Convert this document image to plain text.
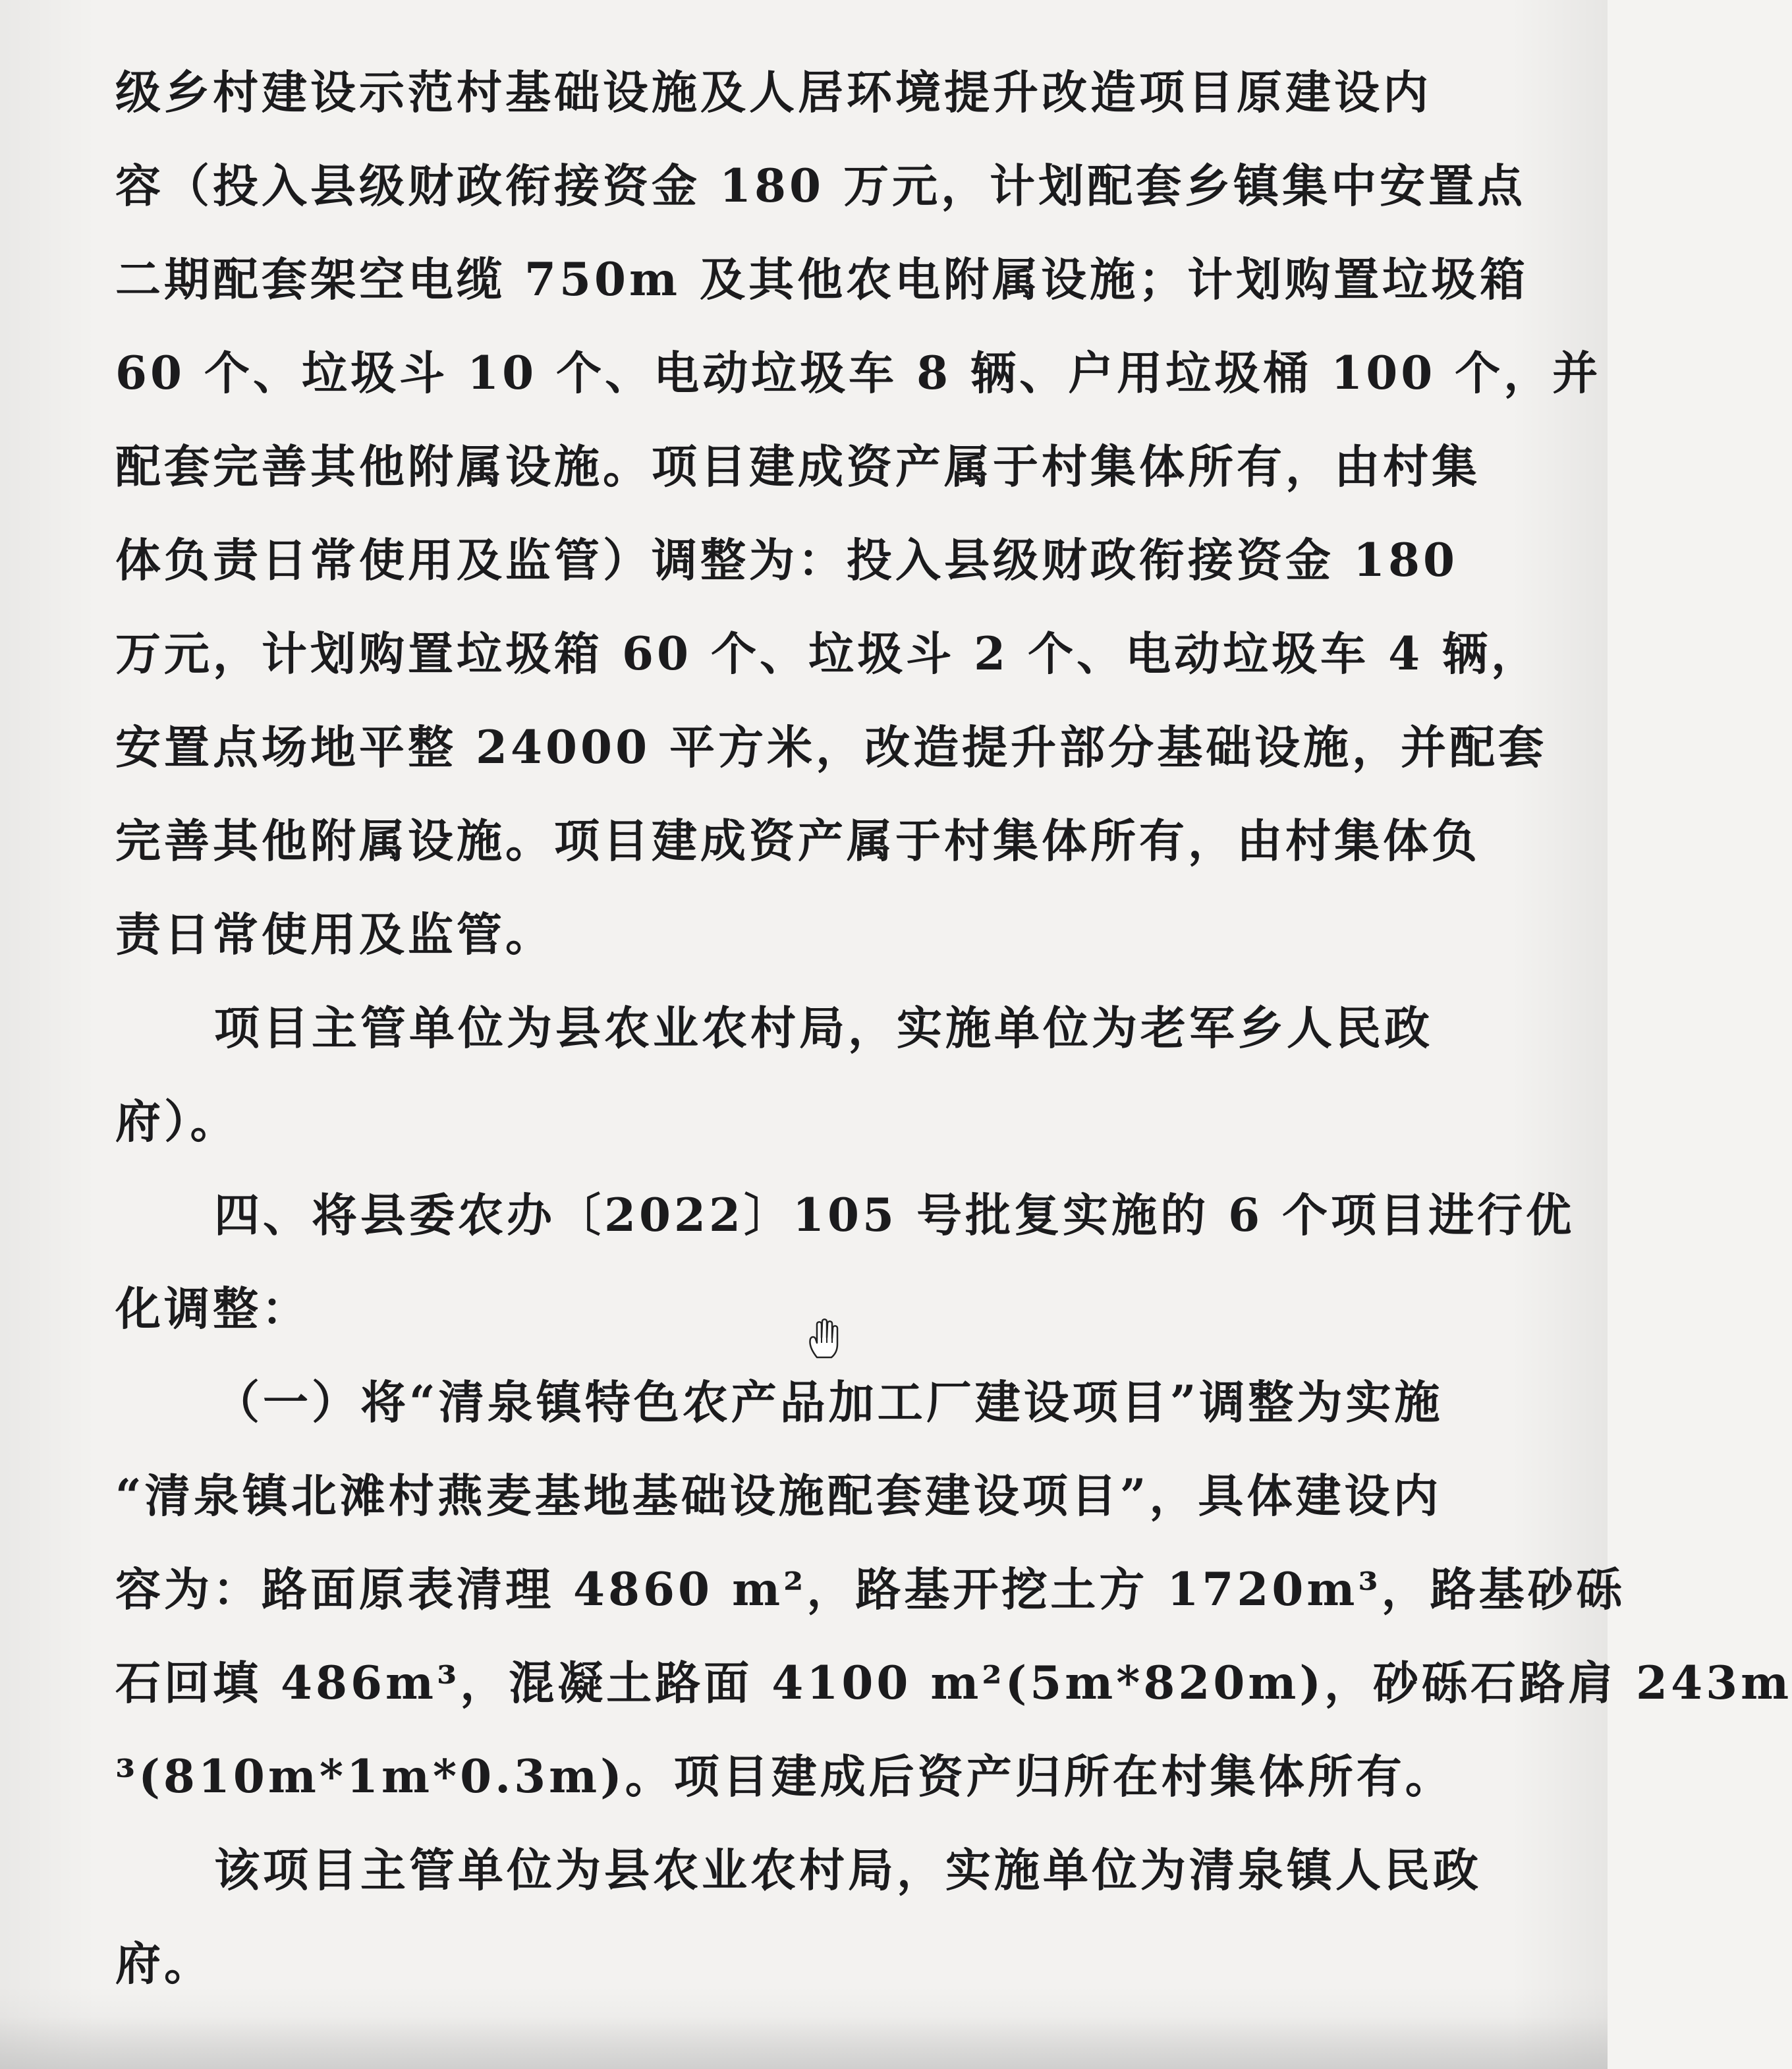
级乡村建设示范村基础设施及人居环境提升改造项目原建设内
容（投入县级财政衔接资金 180 万元，计划配套乡镇集中安置点
二期配套架空电缆 750m 及其他农电附属设施；计划购置垃圾箱
60 个、垃圾斗 10 个、电动垃圾车 8 辆、户用垃圾桶 100 个，并
配套完善其他附属设施。项目建成资产属于村集体所有，由村集
体负责日常使用及监管）调整为：投入县级财政衔接资金 180
万元，计划购置垃圾箱 60 个、垃圾斗 2 个、电动垃圾车 4 辆，
安置点场地平整 24000 平方米，改造提升部分基础设施，并配套
完善其他附属设施。项目建成资产属于村集体所有，由村集体负
责日常使用及监管。
项目主管单位为县农业农村局，实施单位为老军乡人民政
府）。
四、将县委农办〔2022〕105 号批复实施的 6 个项目进行优
化调整：
（一）将“清泉镇特色农产品加工厂建设项目”调整为实施
“清泉镇北滩村燕麦基地基础设施配套建设项目”，具体建设内
容为：路面原表清理 4860 m²，路基开挖土方 1720m³，路基砂砾
石回填 486m³，混凝土路面 4100 m²(5m*820m)，砂砾石路肩 243m
³(810m*1m*0.3m)。项目建成后资产归所在村集体所有。
该项目主管单位为县农业农村局，实施单位为清泉镇人民政
府。
